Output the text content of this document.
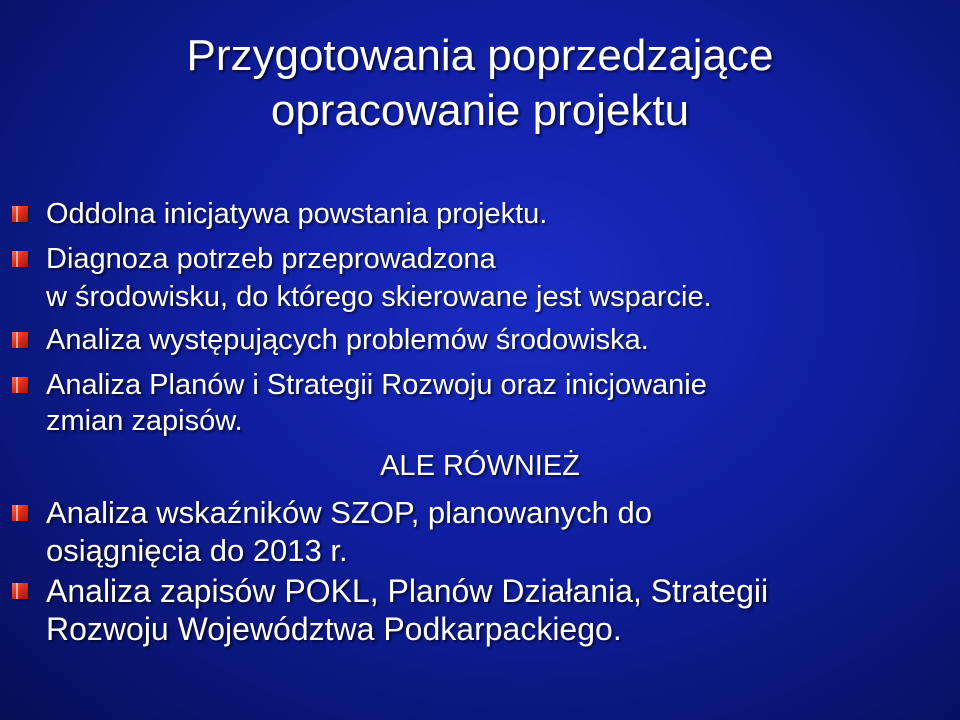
Przygotowania poprzedzające
opracowanie projektu
Oddolna inicjatywa powstania projektu.
Diagnoza potrzeb przeprowadzona
w środowisku, do którego skierowane jest wsparcie.
Analiza występujących problemów środowiska.
Analiza Planów i Strategii Rozwoju oraz inicjowanie
zmian zapisów.
ALE RÓWNIEŻ
Analiza wskaźników SZOP, planowanych do
osiągnięcia do 2013 r.
Analiza zapisów POKL, Planów Działania, Strategii
Rozwoju Województwa Podkarpackiego.
